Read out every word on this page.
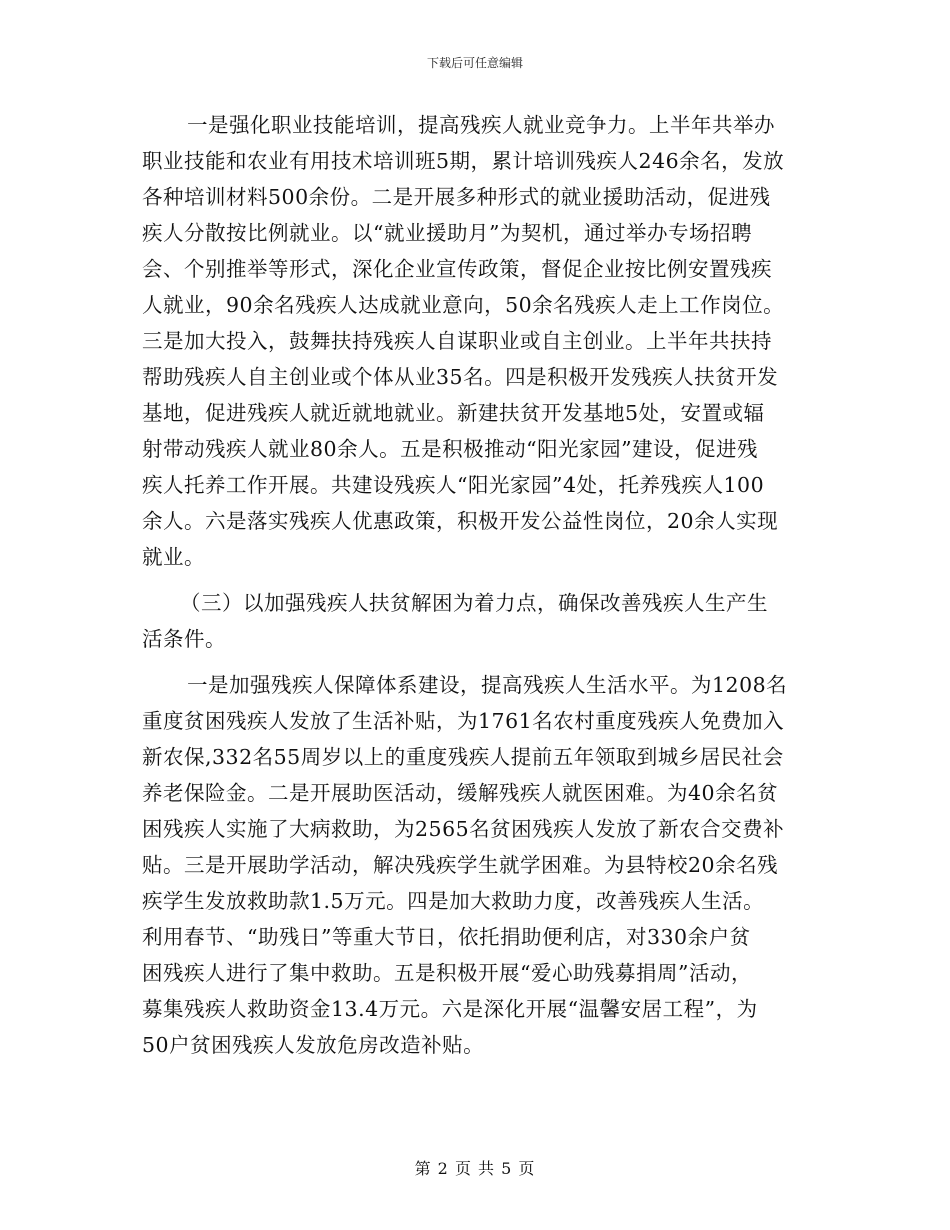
下载后可任意编辑
一是强化职业技能培训，提高残疾人就业竞争力。上半年共举办
职业技能和农业有用技术培训班5期，累计培训残疾人246余名，发放
各种培训材料500余份。二是开展多种形式的就业援助活动，促进残
疾人分散按比例就业。以“就业援助月”为契机，通过举办专场招聘
会、个别推举等形式，深化企业宣传政策，督促企业按比例安置残疾
人就业，90余名残疾人达成就业意向，50余名残疾人走上工作岗位。
三是加大投入，鼓舞扶持残疾人自谋职业或自主创业。上半年共扶持
帮助残疾人自主创业或个体从业35名。四是积极开发残疾人扶贫开发
基地，促进残疾人就近就地就业。新建扶贫开发基地5处，安置或辐
射带动残疾人就业80余人。五是积极推动“阳光家园”建设，促进残
疾人托养工作开展。共建设残疾人“阳光家园”4处，托养残疾人100
余人。六是落实残疾人优惠政策，积极开发公益性岗位，20余人实现
就业。
（三）以加强残疾人扶贫解困为着力点，确保改善残疾人生产生
活条件。
一是加强残疾人保障体系建设，提高残疾人生活水平。为1208名
重度贫困残疾人发放了生活补贴，为1761名农村重度残疾人免费加入
新农保,332名55周岁以上的重度残疾人提前五年领取到城乡居民社会
养老保险金。二是开展助医活动，缓解残疾人就医困难。为40余名贫
困残疾人实施了大病救助，为2565名贫困残疾人发放了新农合交费补
贴。三是开展助学活动，解决残疾学生就学困难。为县特校20余名残
疾学生发放救助款1.5万元。四是加大救助力度，改善残疾人生活。
利用春节、“助残日”等重大节日，依托捐助便利店，对330余户贫
困残疾人进行了集中救助。五是积极开展“爱心助残募捐周”活动，
募集残疾人救助资金13.4万元。六是深化开展“温馨安居工程”，为
50户贫困残疾人发放危房改造补贴。
第 2 页 共 5 页
